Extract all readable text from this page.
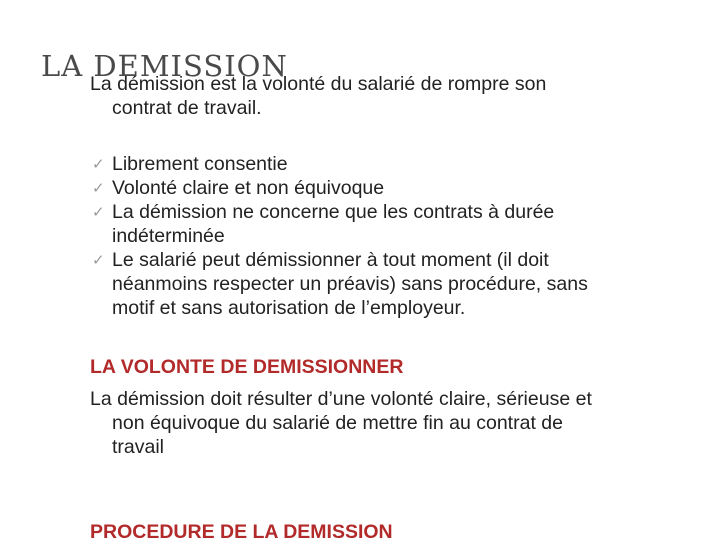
La démission est la volonté du salarié de rompre son

contrat de travail.

✓ Librement consentie

✓ Volonté claire et non équivoque

✓ La démission ne concerne que les contrats à durée

indéterminée

✓ Le salarié peut démissionner à tout moment (il doit

néanmoins respecter un préavis) sans procédure, sans

motif et sans autorisation de l’employeur.

LA VOLONTE DE DEMISSIONNER

La démission doit résulter d’une volonté claire, sérieuse et

non équivoque du salarié de mettre fin au contrat de

travail

PROCEDURE DE LA DEMISSION

LA DEMISSION
